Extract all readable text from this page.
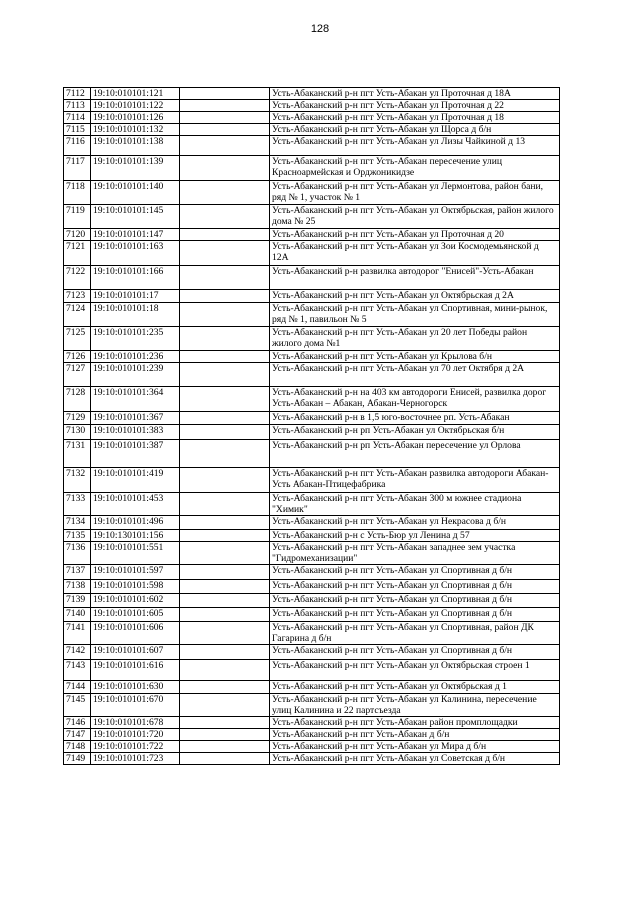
128
7112	19:10:010101:121		Усть-Абаканский р-н пгт Усть-Абакан ул Проточная д 18А
7113	19:10:010101:122		Усть-Абаканский р-н пгт Усть-Абакан ул Проточная д 22
7114	19:10:010101:126		Усть-Абаканский р-н пгт Усть-Абакан ул Проточная д 18
7115	19:10:010101:132		Усть-Абаканский р-н пгт Усть-Абакан ул Щорса д б/н
7116	19:10:010101:138		Усть-Абаканский р-н пгт Усть-Абакан ул Лизы Чайкиной д 13
7117	19:10:010101:139		Усть-Абаканский р-н пгт Усть-Абакан пересечение улиц Красноармейская и Орджоникидзе
7118	19:10:010101:140		Усть-Абаканский р-н пгт Усть-Абакан ул Лермонтова, район бани, ряд № 1, участок № 1
7119	19:10:010101:145		Усть-Абаканский р-н пгт Усть-Абакан ул Октябрьская, район жилого дома № 25
7120	19:10:010101:147		Усть-Абаканский р-н пгт Усть-Абакан ул Проточная д 20
7121	19:10:010101:163		Усть-Абаканский р-н пгт Усть-Абакан ул Зои Космодемьянской д 12А
7122	19:10:010101:166		Усть-Абаканский р-н развилка автодорог "Енисей"-Усть-Абакан
7123	19:10:010101:17		Усть-Абаканский р-н пгт Усть-Абакан ул Октябрьская д 2А
7124	19:10:010101:18		Усть-Абаканский р-н пгт Усть-Абакан ул Спортивная, мини-рынок, ряд № 1, павильон № 5
7125	19:10:010101:235		Усть-Абаканский р-н пгт Усть-Абакан ул 20 лет Победы район жилого дома №1
7126	19:10:010101:236		Усть-Абаканский р-н пгт Усть-Абакан ул Крылова б/н
7127	19:10:010101:239		Усть-Абаканский р-н пгт Усть-Абакан ул 70 лет Октября д 2А
7128	19:10:010101:364		Усть-Абаканский р-н на 403 км автодороги Енисей, развилка дорог Усть-Абакан – Абакан, Абакан-Черногорск
7129	19:10:010101:367		Усть-Абаканский р-н в 1,5 юго-восточнее рп. Усть-Абакан
7130	19:10:010101:383		Усть-Абаканский р-н рп Усть-Абакан ул Октябрьская б/н
7131	19:10:010101:387		Усть-Абаканский р-н рп Усть-Абакан пересечение ул Орлова
7132	19:10:010101:419		Усть-Абаканский р-н пгт Усть-Абакан развилка автодороги Абакан-Усть Абакан-Птицефабрика
7133	19:10:010101:453		Усть-Абаканский р-н пгт Усть-Абакан 300 м южнее стадиона "Химик"
7134	19:10:010101:496		Усть-Абаканский р-н пгт Усть-Абакан ул Некрасова д б/н
7135	19:10:130101:156		Усть-Абаканский р-н с Усть-Бюр ул Ленина д 57
7136	19:10:010101:551		Усть-Абаканский р-н пгт Усть-Абакан западнее зем участка "Гидромеханизации"
7137	19:10:010101:597		Усть-Абаканский р-н пгт Усть-Абакан ул Спортивная д б/н
7138	19:10:010101:598		Усть-Абаканский р-н пгт Усть-Абакан ул Спортивная д б/н
7139	19:10:010101:602		Усть-Абаканский р-н пгт Усть-Абакан ул Спортивная д б/н
7140	19:10:010101:605		Усть-Абаканский р-н пгт Усть-Абакан ул Спортивная д б/н
7141	19:10:010101:606		Усть-Абаканский р-н пгт Усть-Абакан ул Спортивная, район ДК Гагарина д б/н
7142	19:10:010101:607		Усть-Абаканский р-н пгт Усть-Абакан ул Спортивная д б/н
7143	19:10:010101:616		Усть-Абаканский р-н пгт Усть-Абакан ул Октябрьская строен 1
7144	19:10:010101:630		Усть-Абаканский р-н пгт Усть-Абакан ул Октябрьская д 1
7145	19:10:010101:670		Усть-Абаканский р-н пгт Усть-Абакан ул Калинина, пересечение улиц Калинина и 22 партсъезда
7146	19:10:010101:678		Усть-Абаканский р-н пгт Усть-Абакан район промплощадки
7147	19:10:010101:720		Усть-Абаканский р-н пгт Усть-Абакан д б/н
7148	19:10:010101:722		Усть-Абаканский р-н пгт Усть-Абакан ул Мира д б/н
7149	19:10:010101:723		Усть-Абаканский р-н пгт Усть-Абакан ул Советская д б/н
